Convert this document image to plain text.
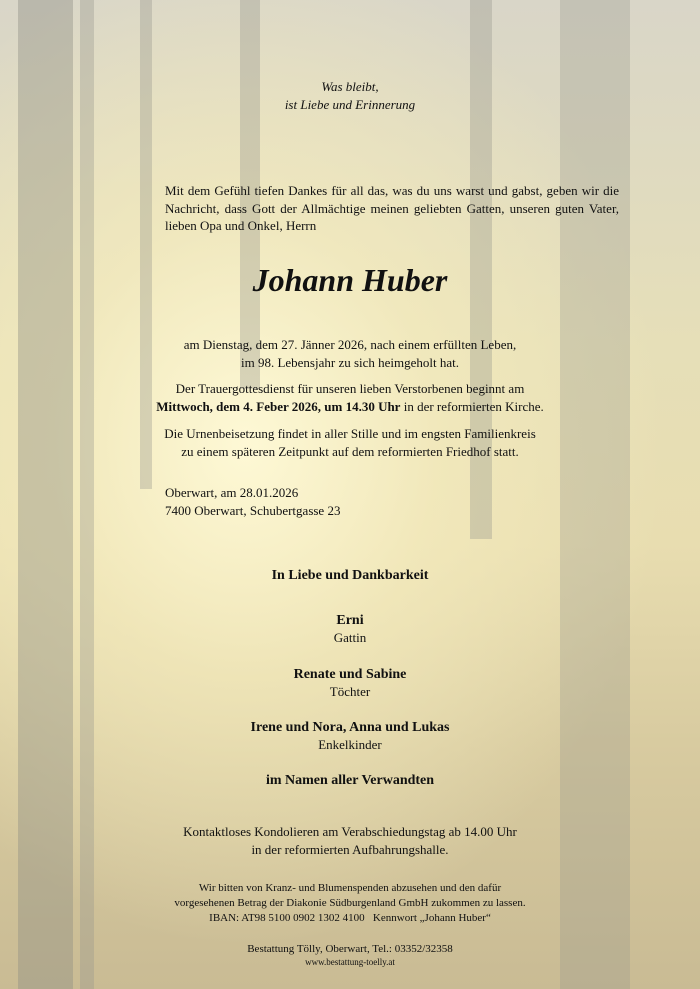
Was bleibt,
ist Liebe und Erinnerung
Mit dem Gefühl tiefen Dankes für all das, was du uns warst und gabst, geben wir die Nachricht, dass Gott der Allmächtige meinen geliebten Gatten, unseren guten Vater, lieben Opa und Onkel, Herrn
Johann Huber

am Dienstag, dem 27. Jänner 2026, nach einem erfüllten Leben,

im 98. Lebensjahr zu sich heimgeholt hat.

Der Trauergottesdienst für unseren lieben Verstorbenen beginnt am

Mittwoch, dem 4. Feber 2026, um 14.30 Uhr in der reformierten Kirche.

Die Urnenbeisetzung findet in aller Stille und im engsten Familienkreis

zu einem späteren Zeitpunkt auf dem reformierten Friedhof statt.

Oberwart, am 28.01.2026

7400 Oberwart, Schubertgasse 23

In Liebe und Dankbarkeit

Erni

Gattin

Renate und Sabine

Töchter

Irene und Nora, Anna und Lukas

Enkelkinder

im Namen aller Verwandten

Kontaktloses Kondolieren am Verabschiedungstag ab 14.00 Uhr

in der reformierten Aufbahrungshalle.

Wir bitten von Kranz- und Blumenspenden abzusehen und den dafür

vorgesehenen Betrag der Diakonie Südburgenland GmbH zukommen zu lassen.

IBAN: AT98 5100 0902 1302 4100   Kennwort „Johann Huber“

Bestattung Tölly, Oberwart, Tel.: 03352/32358
www.bestattung-toelly.at
